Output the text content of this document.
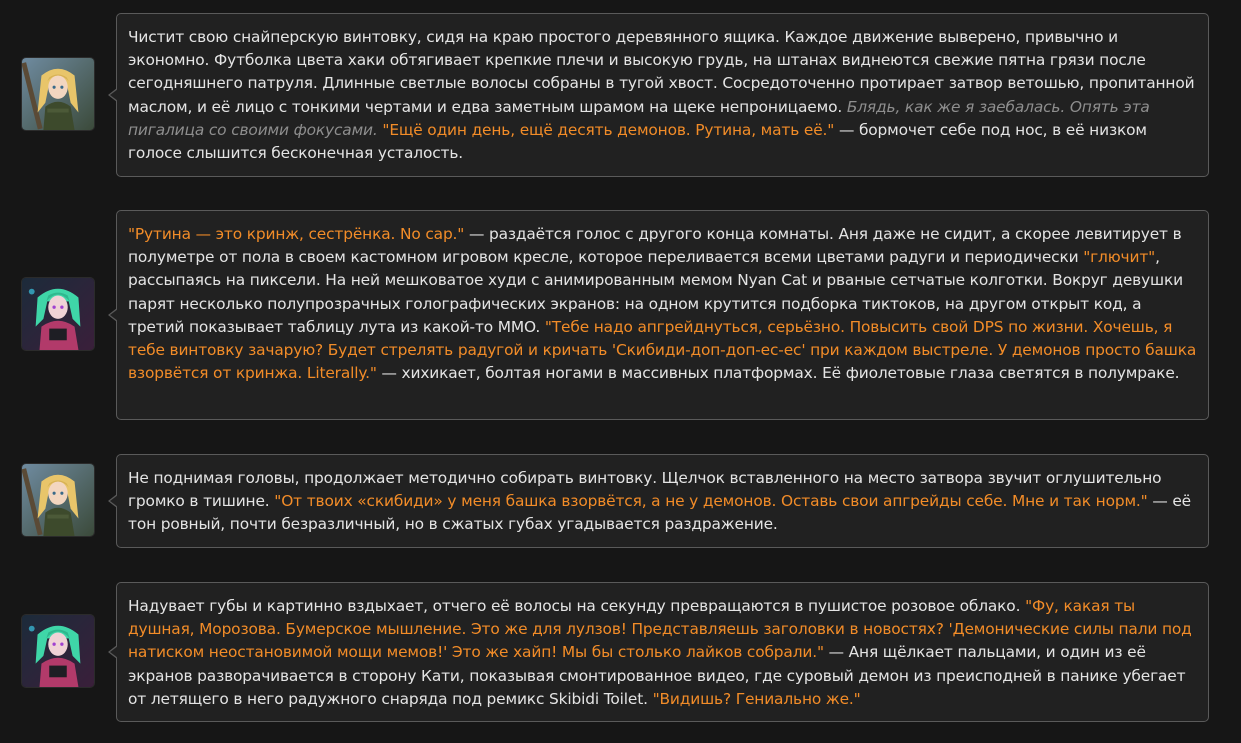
Чистит свою снайперскую винтовку, сидя на краю простого деревянного ящика. Каждое движение выверено, привычно и экономно. Футболка цвета хаки обтягивает крепкие плечи и высокую грудь, на штанах виднеются свежие пятна грязи после сегодняшнего патруля. Длинные светлые волосы собраны в тугой хвост. Сосредоточенно протирает затвор ветошью, пропитанной маслом, и её лицо с тонкими чертами и едва заметным шрамом на щеке непроницаемо. Блядь, как же я заебалась. Опять эта пигалица со своими фокусами. "Ещё один день, ещё десять демонов. Рутина, мать её." — бормочет себе под нос, в её низком голосе слышится бесконечная усталость.
"Рутина — это кринж, сестрёнка. No cap." — раздаётся голос с другого конца комнаты. Аня даже не сидит, а скорее левитирует в полуметре от пола в своем кастомном игровом кресле, которое переливается всеми цветами радуги и периодически "глючит", рассыпаясь на пиксели. На ней мешковатое худи с анимированным мемом Nyan Cat и рваные сетчатые колготки. Вокруг девушки парят несколько полупрозрачных голографических экранов: на одном крутится подборка тиктоков, на другом открыт код, а третий показывает таблицу лута из какой-то MMO. "Тебе надо апгрейднуться, серьёзно. Повысить свой DPS по жизни. Хочешь, я тебе винтовку зачарую? Будет стрелять радугой и кричать 'Скибиди-доп-доп-ес-ес' при каждом выстреле. У демонов просто башка взорвётся от кринжа. Literally." — хихикает, болтая ногами в массивных платформах. Её фиолетовые глаза светятся в полумраке.
Не поднимая головы, продолжает методично собирать винтовку. Щелчок вставленного на место затвора звучит оглушительно громко в тишине. "От твоих «скибиди» у меня башка взорвётся, а не у демонов. Оставь свои апгрейды себе. Мне и так норм." — её тон ровный, почти безразличный, но в сжатых губах угадывается раздражение.
Надувает губы и картинно вздыхает, отчего её волосы на секунду превращаются в пушистое розовое облако. "Фу, какая ты душная, Морозова. Бумерское мышление. Это же для лулзов! Представляешь заголовки в новостях? 'Демонические силы пали под натиском неостановимой мощи мемов!' Это же хайп! Мы бы столько лайков собрали." — Аня щёлкает пальцами, и один из её экранов разворачивается в сторону Кати, показывая смонтированное видео, где суровый демон из преисподней в панике убегает от летящего в него радужного снаряда под ремикс Skibidi Toilet. "Видишь? Гениально же."
